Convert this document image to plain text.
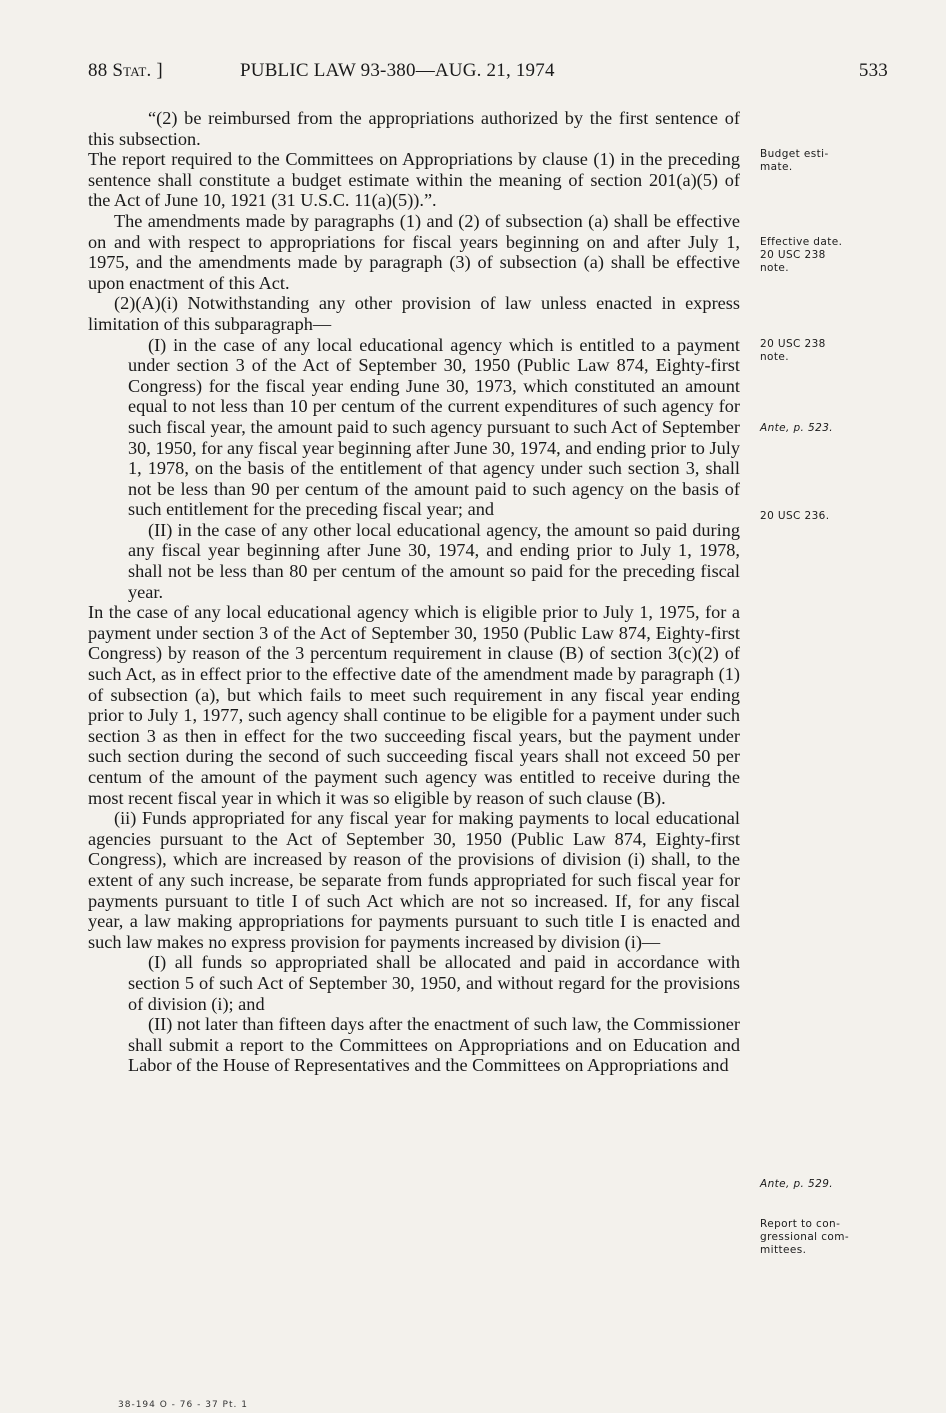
88 Stat. ]	PUBLIC LAW 93-380—AUG. 21, 1974	533

“(2) be reimbursed from the appropriations authorized by the first sentence of this subsection.

The report required to the Committees on Appropriations by clause (1) in the preceding sentence shall constitute a budget estimate within the meaning of section 201(a)(5) of the Act of June 10, 1921 (31 U.S.C. 11(a)(5)).”.

The amendments made by paragraphs (1) and (2) of subsection (a) shall be effective on and with respect to appropriations for fiscal years beginning on and after July 1, 1975, and the amendments made by paragraph (3) of subsection (a) shall be effective upon enactment of this Act.

(2)(A)(i) Notwithstanding any other provision of law unless enacted in express limitation of this subparagraph—

(I) in the case of any local educational agency which is entitled to a payment under section 3 of the Act of September 30, 1950 (Public Law 874, Eighty-first Congress) for the fiscal year ending June 30, 1973, which constituted an amount equal to not less than 10 per centum of the current expenditures of such agency for such fiscal year, the amount paid to such agency pursuant to such Act of September 30, 1950, for any fiscal year beginning after June 30, 1974, and ending prior to July 1, 1978, on the basis of the entitlement of that agency under such section 3, shall not be less than 90 per centum of the amount paid to such agency on the basis of such entitlement for the preceding fiscal year; and

(II) in the case of any other local educational agency, the amount so paid during any fiscal year beginning after June 30, 1974, and ending prior to July 1, 1978, shall not be less than 80 per centum of the amount so paid for the preceding fiscal year.

In the case of any local educational agency which is eligible prior to July 1, 1975, for a payment under section 3 of the Act of September 30, 1950 (Public Law 874, Eighty-first Congress) by reason of the 3 percentum requirement in clause (B) of section 3(c)(2) of such Act, as in effect prior to the effective date of the amendment made by paragraph (1) of subsection (a), but which fails to meet such requirement in any fiscal year ending prior to July 1, 1977, such agency shall continue to be eligible for a payment under such section 3 as then in effect for the two succeeding fiscal years, but the payment under such section during the second of such succeeding fiscal years shall not exceed 50 per centum of the amount of the payment such agency was entitled to receive during the most recent fiscal year in which it was so eligible by reason of such clause (B).

(ii) Funds appropriated for any fiscal year for making payments to local educational agencies pursuant to the Act of September 30, 1950 (Public Law 874, Eighty-first Congress), which are increased by reason of the provisions of division (i) shall, to the extent of any such increase, be separate from funds appropriated for such fiscal year for payments pursuant to title I of such Act which are not so increased. If, for any fiscal year, a law making appropriations for payments pursuant to such title I is enacted and such law makes no express provision for payments increased by division (i)—

(I) all funds so appropriated shall be allocated and paid in accordance with section 5 of such Act of September 30, 1950, and without regard for the provisions of division (i); and

(II) not later than fifteen days after the enactment of such law, the Commissioner shall submit a report to the Committees on Appropriations and on Education and Labor of the House of Representatives and the Committees on Appropriations and

Budget esti-
mate.
Effective date.
20 USC 238
note.
20 USC 238
note.
Ante, p. 523.
20 USC 236.
Ante, p. 529.
Report to con-
gressional com-
mittees.
38-194 O - 76 - 37 Pt. 1
